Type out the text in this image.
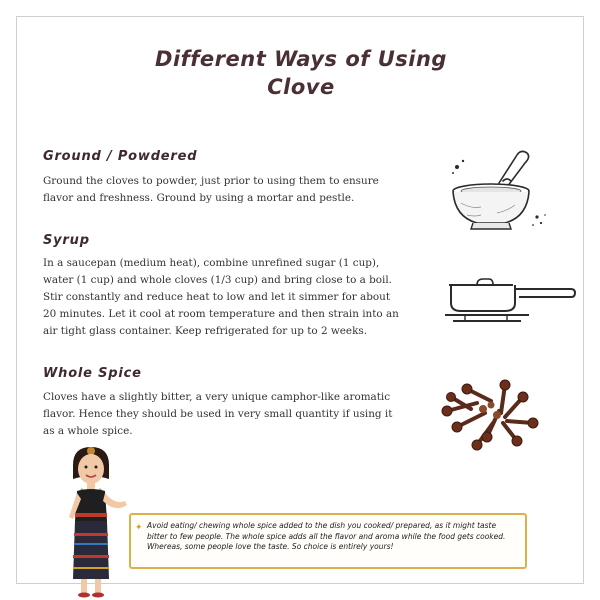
Different Ways of Using
Clove
Ground / Powdered
Ground the cloves to powder, just prior to using them to ensure flavor and freshness. Ground by using a mortar and pestle.
Syrup
In a saucepan (medium heat), combine unrefined sugar (1 cup), water (1 cup) and whole cloves (1/3 cup) and bring close to a boil. Stir constantly and reduce heat to low and let it simmer for about 20 minutes. Let it cool at room temperature and then strain into an air tight glass container. Keep refrigerated for up to 2 weeks.
Whole Spice
Cloves have a slightly bitter, a very unique camphor-like aromatic flavor. Hence they should be used in very small quantity if using it as a whole spice.
✦ Avoid eating/ chewing whole spice added to the dish you cooked/ prepared, as it might taste bitter to few people. The whole spice adds all the flavor and aroma while the food gets cooked. Whereas, some people love the taste. So choice is entirely yours!
